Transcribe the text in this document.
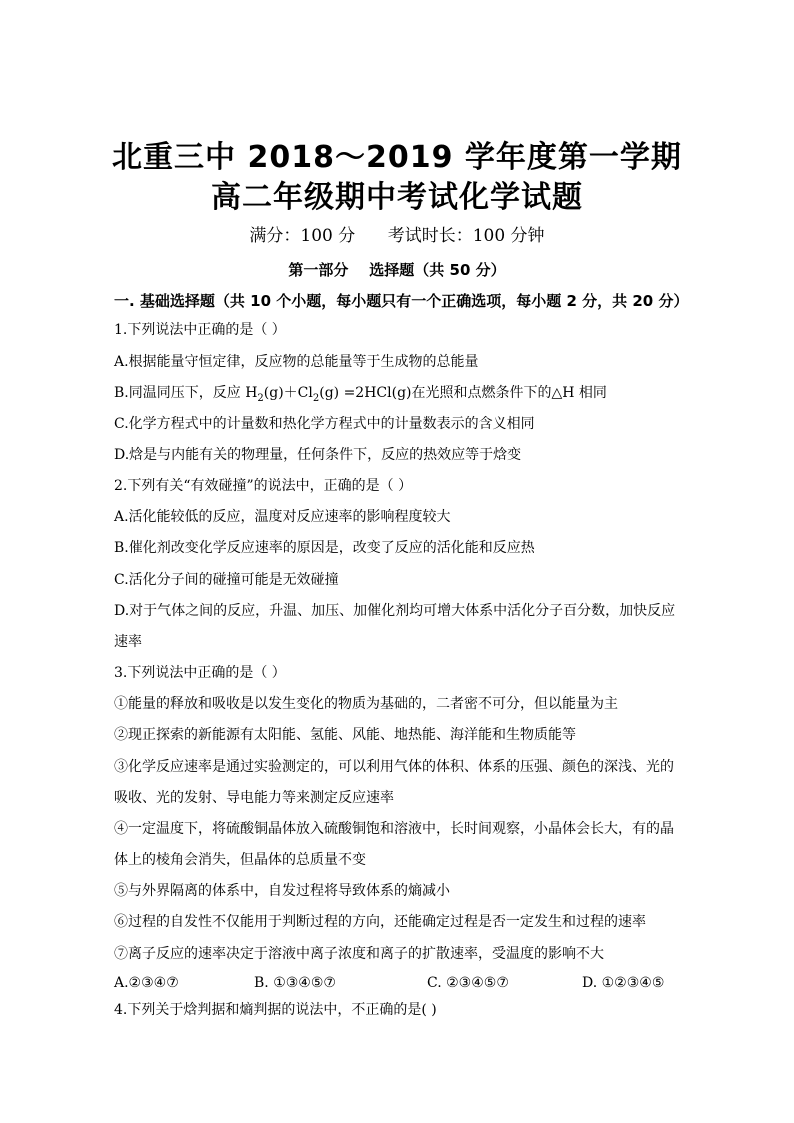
北重三中 2018～2019 学年度第一学期
高二年级期中考试化学试题
满分：100 分      考试时长：100 分钟
第一部分    选择题（共 50 分）
一. 基础选择题（共 10 个小题，每小题只有一个正确选项，每小题 2 分，共 20 分）
1.下列说法中正确的是（ ）
A.根据能量守恒定律，反应物的总能量等于生成物的总能量
B.同温同压下，反应 $H_2(g)+Cl_2(g) =2HCl(g)$在光照和点燃条件下的△H 相同
C.化学方程式中的计量数和热化学方程式中的计量数表示的含义相同
D.焓是与内能有关的物理量，任何条件下，反应的热效应等于焓变
2.下列有关“有效碰撞”的说法中，正确的是（ ）
A.活化能较低的反应，温度对反应速率的影响程度较大
B.催化剂改变化学反应速率的原因是，改变了反应的活化能和反应热
C.活化分子间的碰撞可能是无效碰撞
D.对于气体之间的反应，升温、加压、加催化剂均可增大体系中活化分子百分数，加快反应
速率
3.下列说法中正确的是（ ）
①能量的释放和吸收是以发生变化的物质为基础的，二者密不可分，但以能量为主
②现正探索的新能源有太阳能、氢能、风能、地热能、海洋能和生物质能等
③化学反应速率是通过实验测定的，可以利用气体的体积、体系的压强、颜色的深浅、光的
吸收、光的发射、导电能力等来测定反应速率
④一定温度下，将硫酸铜晶体放入硫酸铜饱和溶液中，长时间观察，小晶体会长大，有的晶
体上的棱角会消失，但晶体的总质量不变
⑤与外界隔离的体系中，自发过程将导致体系的熵减小
⑥过程的自发性不仅能用于判断过程的方向，还能确定过程是否一定发生和过程的速率
⑦离子反应的速率决定于溶液中离子浓度和离子的扩散速率，受温度的影响不大
A.②③④⑦	B. ①③④⑤⑦	C. ②③④⑤⑦	D. ①②③④⑤
4.下列关于焓判据和熵判据的说法中，不正确的是( )
